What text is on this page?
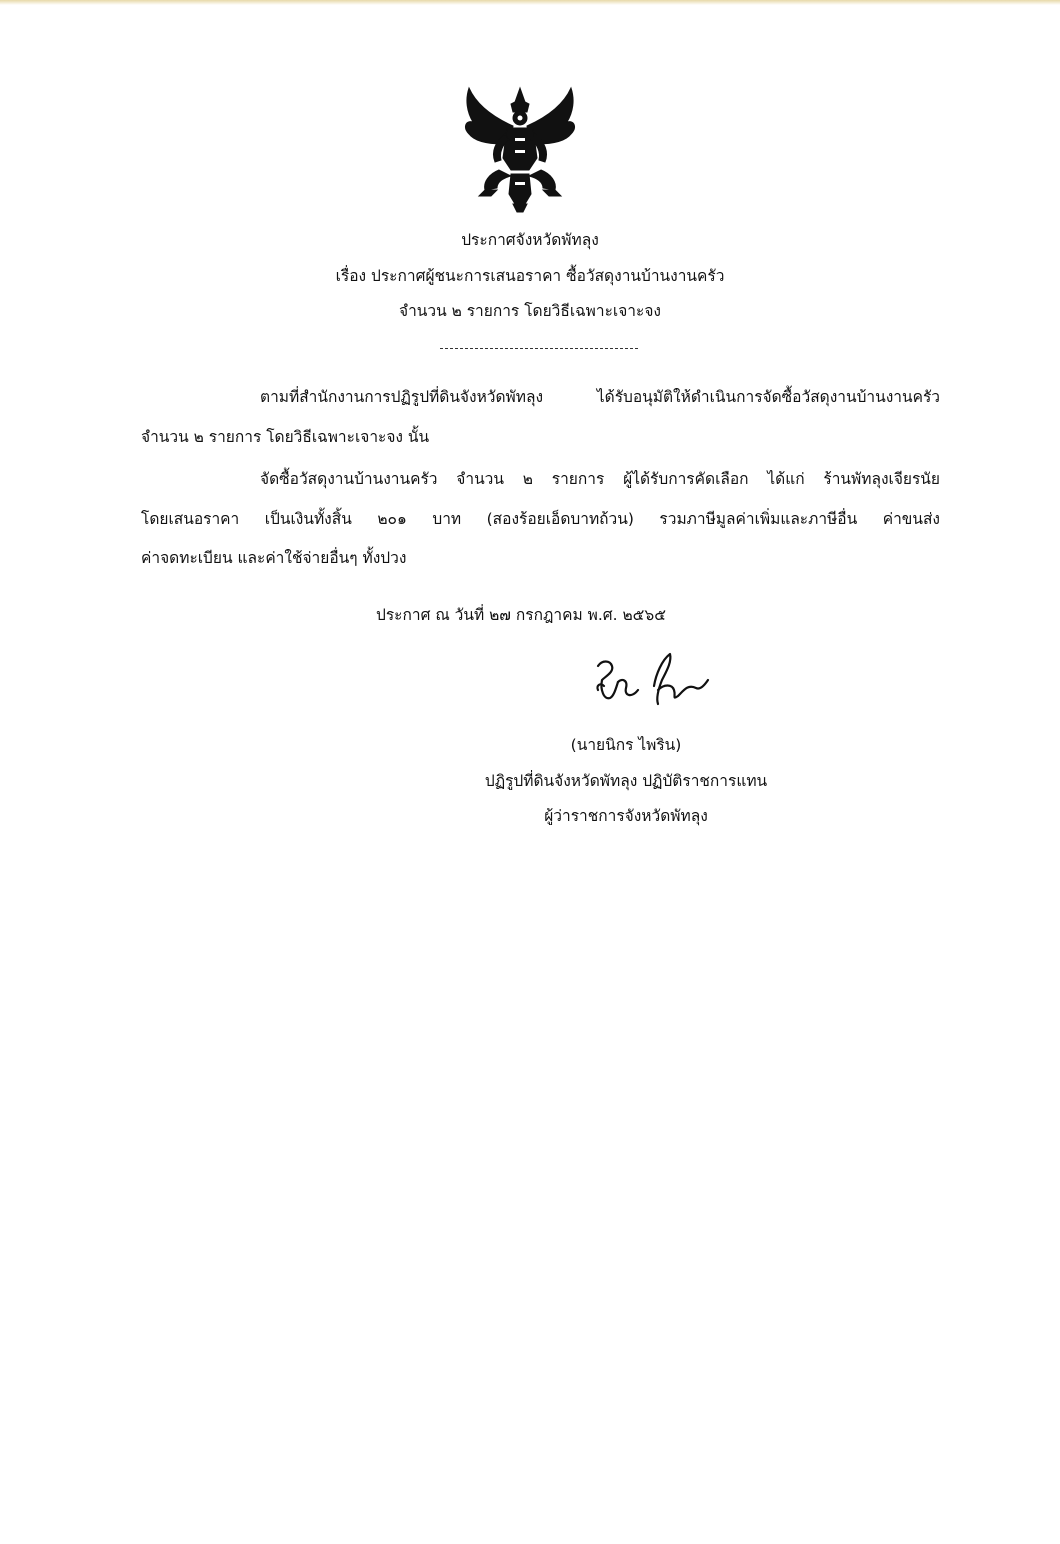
ประกาศจังหวัดพัทลุง
เรื่อง ประกาศผู้ชนะการเสนอราคา ซื้อวัสดุงานบ้านงานครัว
จำนวน ๒ รายการ โดยวิธีเฉพาะเจาะจง
ตามที่สำนักงานการปฏิรูปที่ดินจังหวัดพัทลุง ได้รับอนุมัติให้ดำเนินการจัดซื้อวัสดุงานบ้านงานครัว
จำนวน ๒ รายการ โดยวิธีเฉพาะเจาะจง นั้น
จัดซื้อวัสดุงานบ้านงานครัว จำนวน ๒ รายการ ผู้ได้รับการคัดเลือก ได้แก่ ร้านพัทลุงเจียรนัย
โดยเสนอราคา เป็นเงินทั้งสิ้น ๒๐๑ บาท (สองร้อยเอ็ดบาทถ้วน) รวมภาษีมูลค่าเพิ่มและภาษีอื่น ค่าขนส่ง
ค่าจดทะเบียน และค่าใช้จ่ายอื่นๆ ทั้งปวง
ประกาศ ณ วันที่ ๒๗ กรกฎาคม พ.ศ. ๒๕๖๕
(นายนิกร ไพริน)
ปฏิรูปที่ดินจังหวัดพัทลุง ปฏิบัติราชการแทน
ผู้ว่าราชการจังหวัดพัทลุง
